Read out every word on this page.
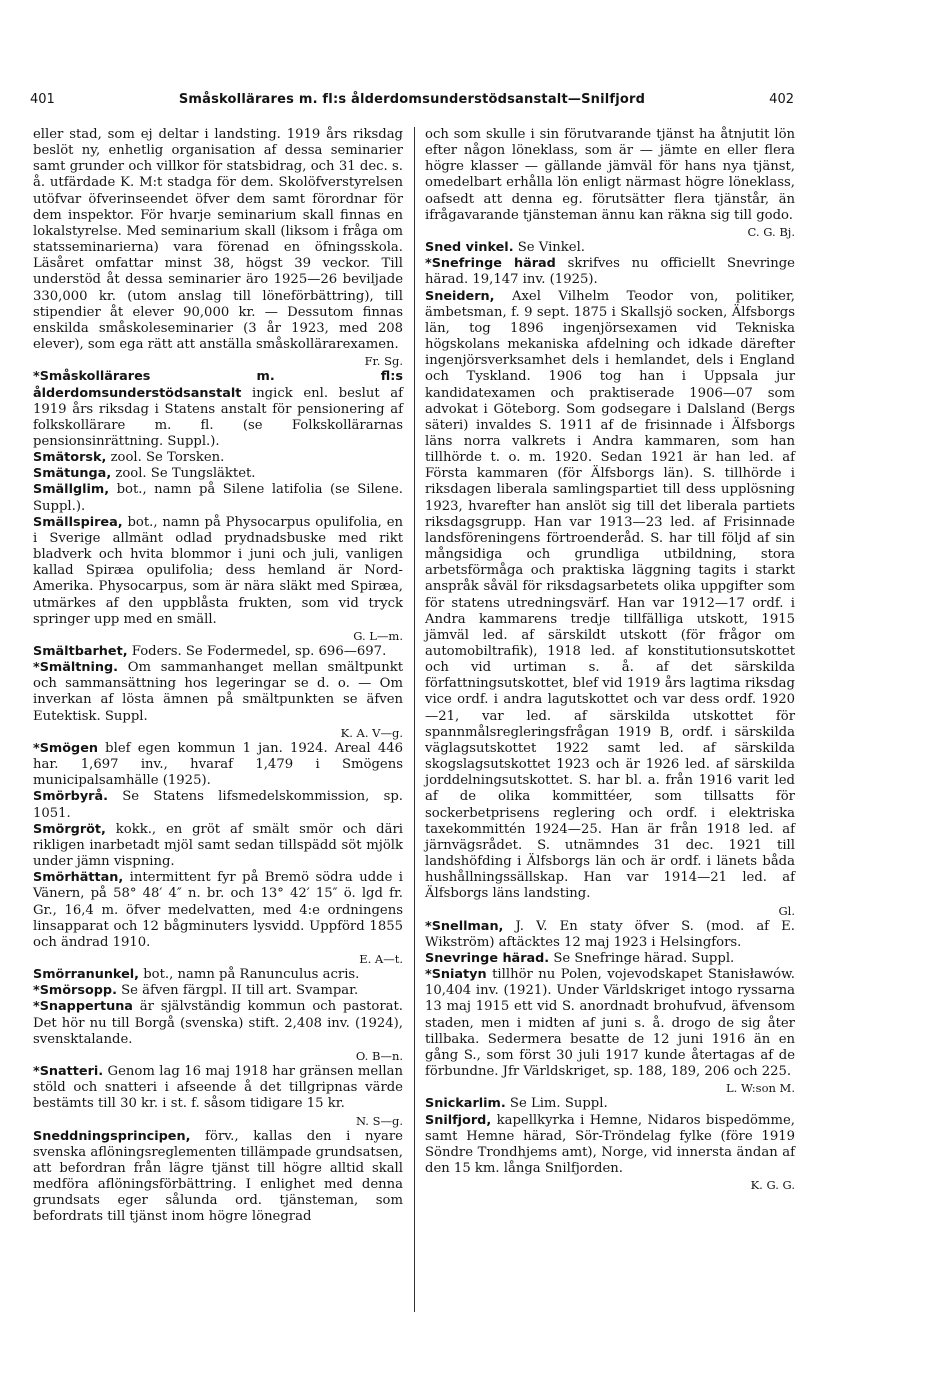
401	Småskollärares m. fl:s ålderdomsunderstödsanstalt—Snilfjord	402

eller stad, som ej deltar i landsting. 1919 års riksdag beslöt ny, enhetlig organisation af dessa seminarier samt grunder och villkor för statsbidrag, och 31 dec. s. å. utfärdade K. M:t stadga för dem. Skolöfverstyrelsen utöfvar öfverinseendet öfver dem samt förordnar för dem inspektor. För hvarje seminarium skall finnas en lokalstyrelse. Med seminarium skall (liksom i fråga om statsseminarierna) vara förenad en öfningsskola. Läsåret omfattar minst 38, högst 39 veckor. Till understöd åt dessa seminarier äro 1925—26 beviljade 330,000 kr. (utom anslag till löneförbättring), till stipendier åt elever 90,000 kr. — Dessutom finnas enskilda småskoleseminarier (3 år 1923, med 208 elever), som ega rätt att anställa småskollärarexamen.
Fr. Sg.

*Småskollärares m. fl:s ålderdomsunderstödsanstalt ingick enl. beslut af 1919 års riksdag i Statens anstalt för pensionering af folkskollärare m. fl. (se Folkskollärarnas pensionsinrättning. Suppl.).

Smätorsk, zool. Se Torsken.

Smätunga, zool. Se Tungsläktet.

Smällglim, bot., namn på Silene latifolia (se Silene. Suppl.).

Smällspirea, bot., namn på Physocarpus opulifolia, en i Sverige allmänt odlad prydnadsbuske med rikt bladverk och hvita blommor i juni och juli, vanligen kallad Spiræa opulifolia; dess hemland är Nord-Amerika. Physocarpus, som är nära släkt med Spiræa, utmärkes af den uppblåsta frukten, som vid tryck springer upp med en smäll.
G. L—m.

Smältbarhet, Foders. Se Fodermedel, sp. 696—697.

*Smältning. Om sammanhanget mellan smältpunkt och sammansättning hos legeringar se d. o. — Om inverkan af lösta ämnen på smältpunkten se äfven Eutektisk. Suppl.
K. A. V—g.

*Smögen blef egen kommun 1 jan. 1924. Areal 446 har. 1,697 inv., hvaraf 1,479 i Smögens municipalsamhälle (1925).

Smörbyrå. Se Statens lifsmedelskommission, sp. 1051.

Smörgröt, kokk., en gröt af smält smör och däri rikligen inarbetadt mjöl samt sedan tillspädd söt mjölk under jämn vispning.

Smörhättan, intermittent fyr på Bremö södra udde i Vänern, på 58° 48′ 4″ n. br. och 13° 42′ 15″ ö. lgd fr. Gr., 16,4 m. öfver medelvatten, med 4:e ordningens linsapparat och 12 bågminuters lysvidd. Uppförd 1855 och ändrad 1910.
E. A—t.

Smörranunkel, bot., namn på Ranunculus acris.

*Smörsopp. Se äfven färgpl. II till art. Svampar.

*Snappertuna är självständig kommun och pastorat. Det hör nu till Borgå (svenska) stift. 2,408 inv. (1924), svensktalande.
O. B—n.

*Snatteri. Genom lag 16 maj 1918 har gränsen mellan stöld och snatteri i afseende å det tillgripnas värde bestämts till 30 kr. i st. f. såsom tidigare 15 kr.
N. S—g.

Sneddningsprincipen, förv., kallas den i nyare svenska aflöningsreglementen tillämpade grundsatsen, att befordran från lägre tjänst till högre alltid skall medföra aflöningsförbättring. I enlighet med denna grundsats eger sålunda ord. tjänsteman, som befordrats till tjänst inom högre lönegrad

och som skulle i sin förutvarande tjänst ha åtnjutit lön efter någon löneklass, som är — jämte en eller flera högre klasser — gällande jämväl för hans nya tjänst, omedelbart erhålla lön enligt närmast högre löneklass, oafsedt att denna eg. förutsätter flera tjänstår, än ifrågavarande tjänsteman ännu kan räkna sig till godo.
C. G. Bj.

Sned vinkel. Se Vinkel.

*Snefringe härad skrifves nu officiellt Snevringe härad. 19,147 inv. (1925).

Sneidern, Axel Vilhelm Teodor von, politiker, ämbetsman, f. 9 sept. 1875 i Skallsjö socken, Älfsborgs län, tog 1896 ingenjörsexamen vid Tekniska högskolans mekaniska afdelning och idkade därefter ingenjörsverksamhet dels i hemlandet, dels i England och Tyskland. 1906 tog han i Uppsala jur kandidatexamen och praktiserade 1906—07 som advokat i Göteborg. Som godsegare i Dalsland (Bergs säteri) invaldes S. 1911 af de frisinnade i Älfsborgs läns norra valkrets i Andra kammaren, som han tillhörde t. o. m. 1920. Sedan 1921 är han led. af Första kammaren (för Älfsborgs län). S. tillhörde i riksdagen liberala samlingspartiet till dess upplösning 1923, hvarefter han anslöt sig till det liberala partiets riksdagsgrupp. Han var 1913—23 led. af Frisinnade landsföreningens förtroenderåd. S. har till följd af sin mångsidiga och grundliga utbildning, stora arbetsförmåga och praktiska läggning tagits i starkt anspråk såväl för riksdagsarbetets olika uppgifter som för statens utredningsvärf. Han var 1912—17 ordf. i Andra kammarens tredje tillfälliga utskott, 1915 jämväl led. af särskildt utskott (för frågor om automobiltrafik), 1918 led. af konstitutionsutskottet och vid urtiman s. å. af det särskilda författningsutskottet, blef vid 1919 års lagtima riksdag vice ordf. i andra lagutskottet och var dess ordf. 1920—21, var led. af särskilda utskottet för spannmålsregleringsfrågan 1919 B, ordf. i särskilda väglagsutskottet 1922 samt led. af särskilda skogslagsutskottet 1923 och är 1926 led. af särskilda jorddelningsutskottet. S. har bl. a. från 1916 varit led af de olika kommittéer, som tillsatts för sockerbetprisens reglering och ordf. i elektriska taxekommittén 1924—25. Han är från 1918 led. af järnvägsrådet. S. utnämndes 31 dec. 1921 till landshöfding i Älfsborgs län och är ordf. i länets båda hushållningssällskap. Han var 1914—21 led. af Älfsborgs läns landsting.
Gl.

*Snellman, J. V. En staty öfver S. (mod. af E. Wikström) aftäcktes 12 maj 1923 i Helsingfors.

Snevringe härad. Se Snefringe härad. Suppl.

*Sniatyn tillhör nu Polen, vojevodskapet Stanisławów. 10,404 inv. (1921). Under Världskriget intogo ryssarna 13 maj 1915 ett vid S. anordnadt brohufvud, äfvensom staden, men i midten af juni s. å. drogo de sig åter tillbaka. Sedermera besatte de 12 juni 1916 än en gång S., som först 30 juli 1917 kunde återtagas af de förbundne. Jfr Världskriget, sp. 188, 189, 206 och 225.
L. W:son M.

Snickarlim. Se Lim. Suppl.

Snilfjord, kapellkyrka i Hemne, Nidaros bispedömme, samt Hemne härad, Sör-Tröndelag fylke (före 1919 Söndre Trondhjems amt), Norge, vid innersta ändan af den 15 km. långa Snilfjorden.
K. G. G.
